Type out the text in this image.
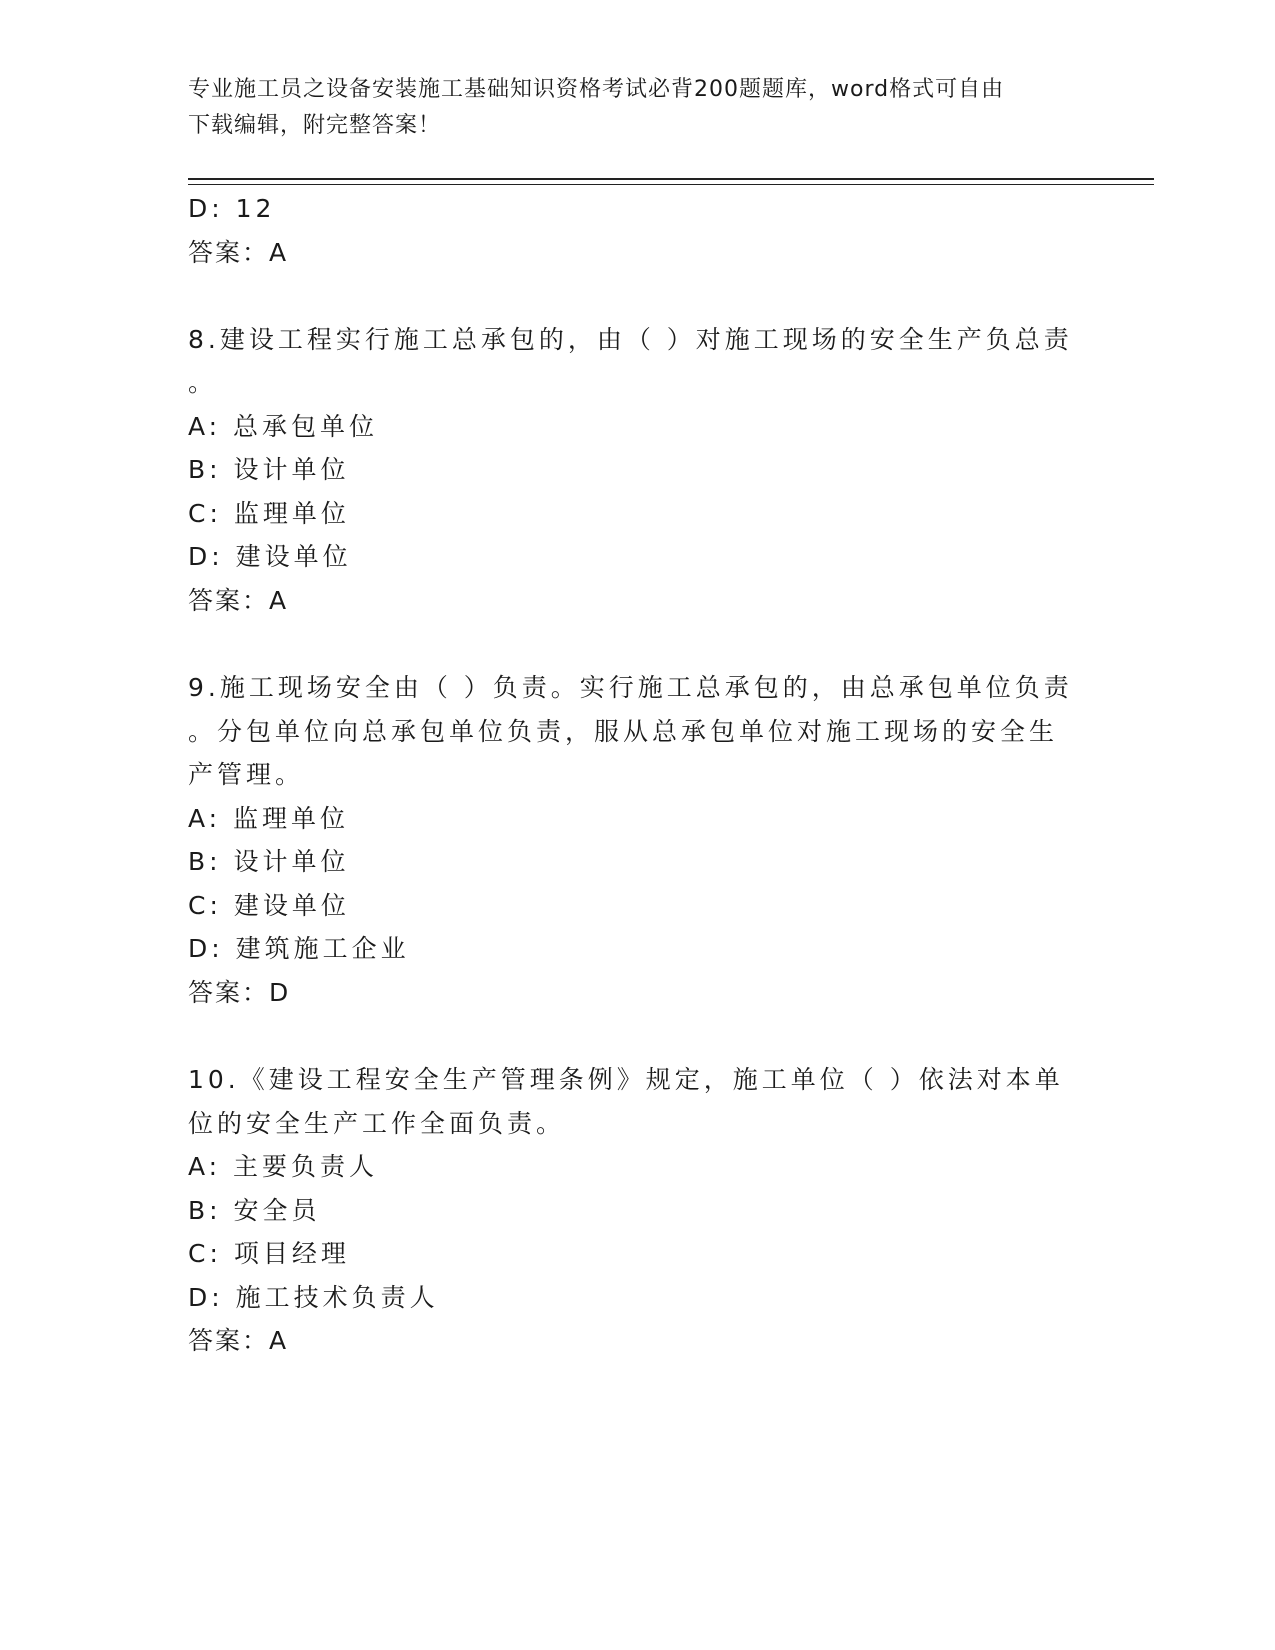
专业施工员之设备安装施工基础知识资格考试必背200题题库，word格式可自由
下载编辑，附完整答案！
D: 12
答案：A
8.建设工程实行施工总承包的，由（ ）对施工现场的安全生产负总责
。
A: 总承包单位
B: 设计单位
C: 监理单位
D: 建设单位
答案：A
9.施工现场安全由（ ）负责。实行施工总承包的，由总承包单位负责
。分包单位向总承包单位负责，服从总承包单位对施工现场的安全生
产管理。
A: 监理单位
B: 设计单位
C: 建设单位
D: 建筑施工企业
答案：D
10.《建设工程安全生产管理条例》规定，施工单位（ ）依法对本单
位的安全生产工作全面负责。
A: 主要负责人
B: 安全员
C: 项目经理
D: 施工技术负责人
答案：A
